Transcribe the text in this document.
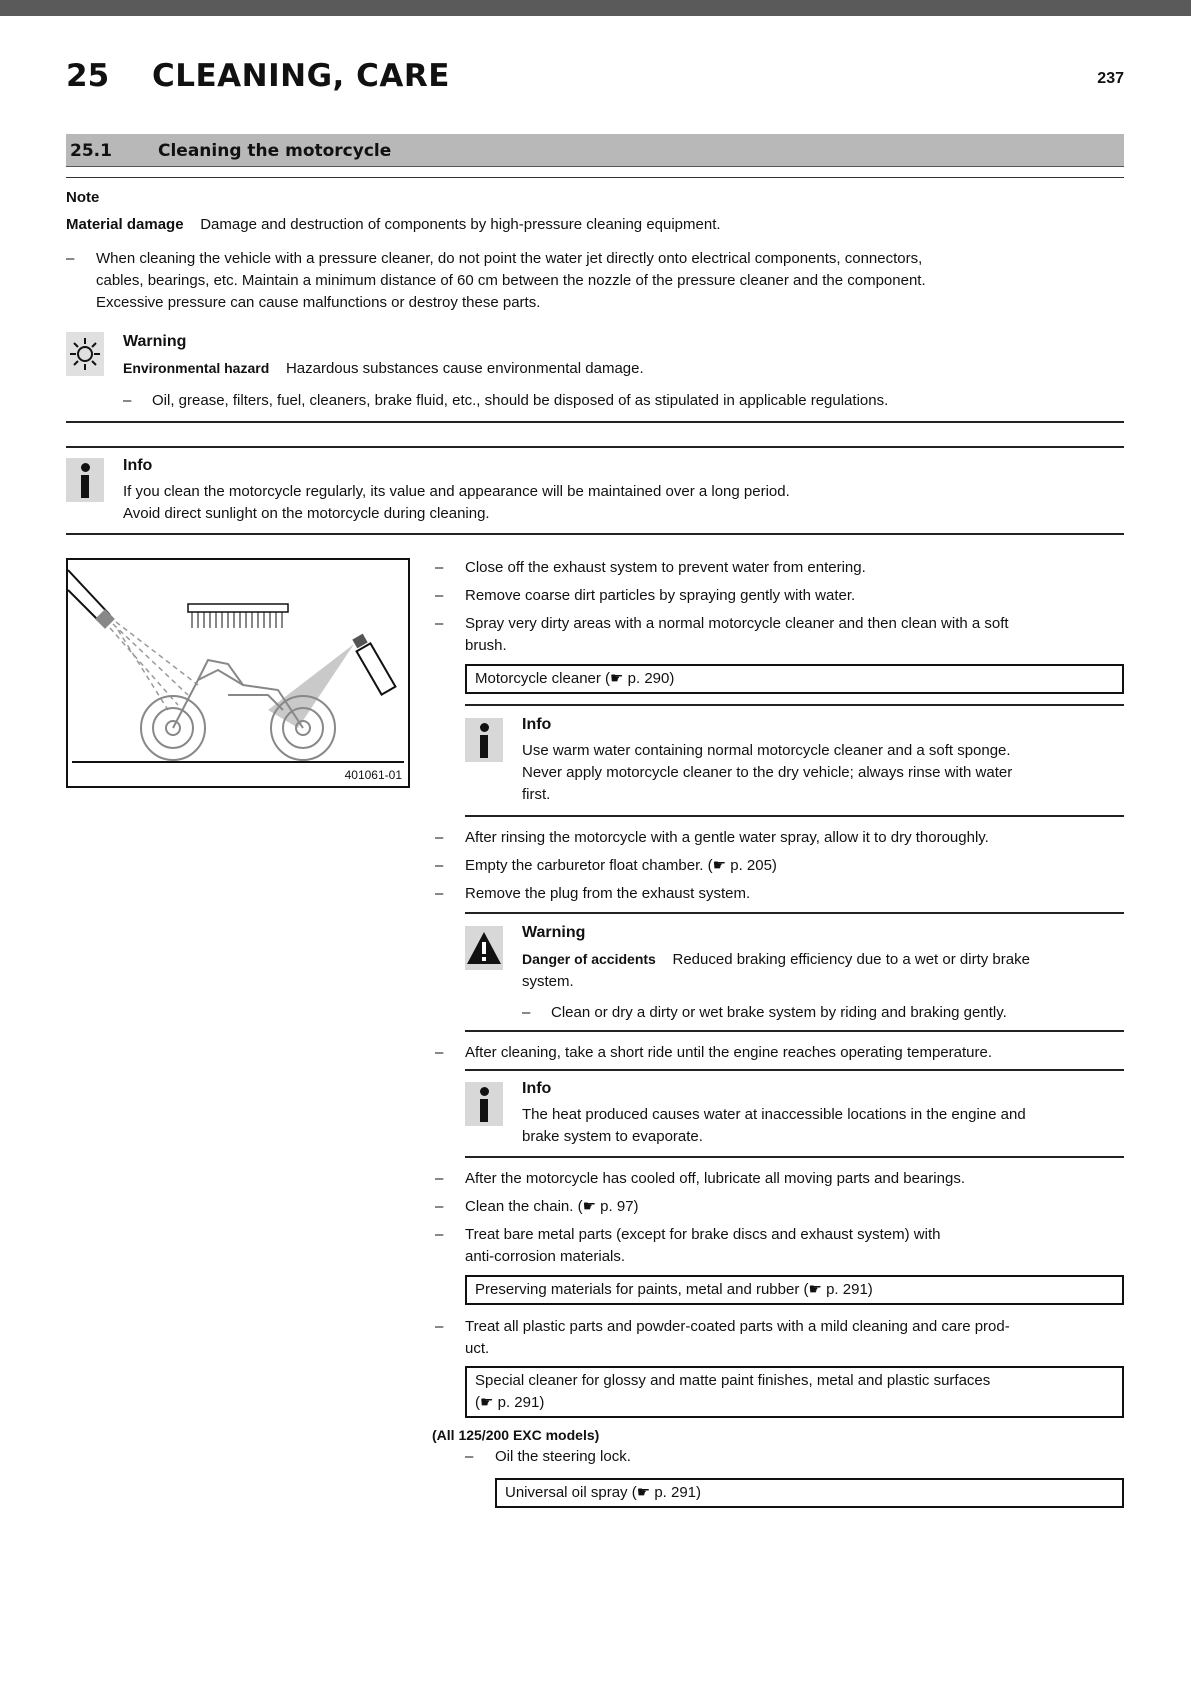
25 CLEANING, CARE	237
25.1	Cleaning the motorcycle
Note
Material damage Damage and destruction of components by high-pressure cleaning equipment.
– When cleaning the vehicle with a pressure cleaner, do not point the water jet directly onto electrical components, connectors,
cables, bearings, etc. Maintain a minimum distance of 60 cm between the nozzle of the pressure cleaner and the component.
Excessive pressure can cause malfunctions or destroy these parts.
Warning
Environmental hazard Hazardous substances cause environmental damage.
– Oil, grease, filters, fuel, cleaners, brake fluid, etc., should be disposed of as stipulated in applicable regulations.
Info
If you clean the motorcycle regularly, its value and appearance will be maintained over a long period.
Avoid direct sunlight on the motorcycle during cleaning.
401061-01
– Close off the exhaust system to prevent water from entering.
– Remove coarse dirt particles by spraying gently with water.
– Spray very dirty areas with a normal motorcycle cleaner and then clean with a soft
brush.
Motorcycle cleaner (☛ p. 290)
Info
Use warm water containing normal motorcycle cleaner and a soft sponge.
Never apply motorcycle cleaner to the dry vehicle; always rinse with water
first.
– After rinsing the motorcycle with a gentle water spray, allow it to dry thoroughly.
– Empty the carburetor float chamber. (☛ p. 205)
– Remove the plug from the exhaust system.
Warning
Danger of accidents Reduced braking efficiency due to a wet or dirty brake
system.
– Clean or dry a dirty or wet brake system by riding and braking gently.
– After cleaning, take a short ride until the engine reaches operating temperature.
Info
The heat produced causes water at inaccessible locations in the engine and
brake system to evaporate.
– After the motorcycle has cooled off, lubricate all moving parts and bearings.
– Clean the chain. (☛ p. 97)
– Treat bare metal parts (except for brake discs and exhaust system) with
anti-corrosion materials.
Preserving materials for paints, metal and rubber (☛ p. 291)
– Treat all plastic parts and powder-coated parts with a mild cleaning and care prod-
uct.
Special cleaner for glossy and matte paint finishes, metal and plastic surfaces
(☛ p. 291)
(All 125/200 EXC models)
– Oil the steering lock.
Universal oil spray (☛ p. 291)
